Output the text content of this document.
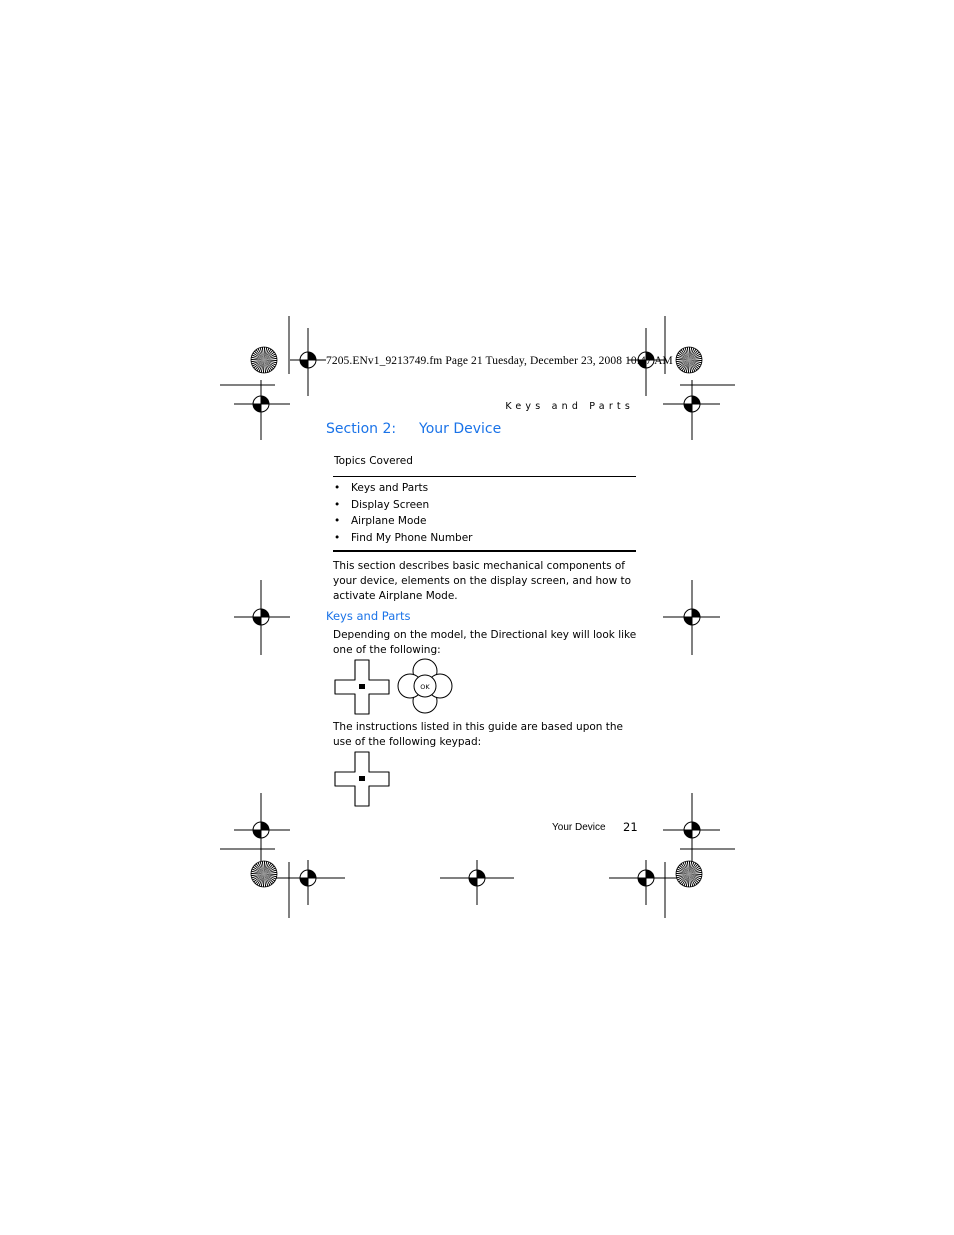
7205.ENv1_9213749.fm Page 21 Tuesday, December 23, 2008 10:47 AM
Keys and Parts
Section 2: Your Device
Topics Covered
• Keys and Parts
• Display Screen
• Airplane Mode
• Find My Phone Number
This section describes basic mechanical components of your device, elements on the display screen, and how to activate Airplane Mode.
Keys and Parts
Depending on the model, the Directional key will look like one of the following:
OK
The instructions listed in this guide are based upon the use of the following keypad:
Your Device 21
